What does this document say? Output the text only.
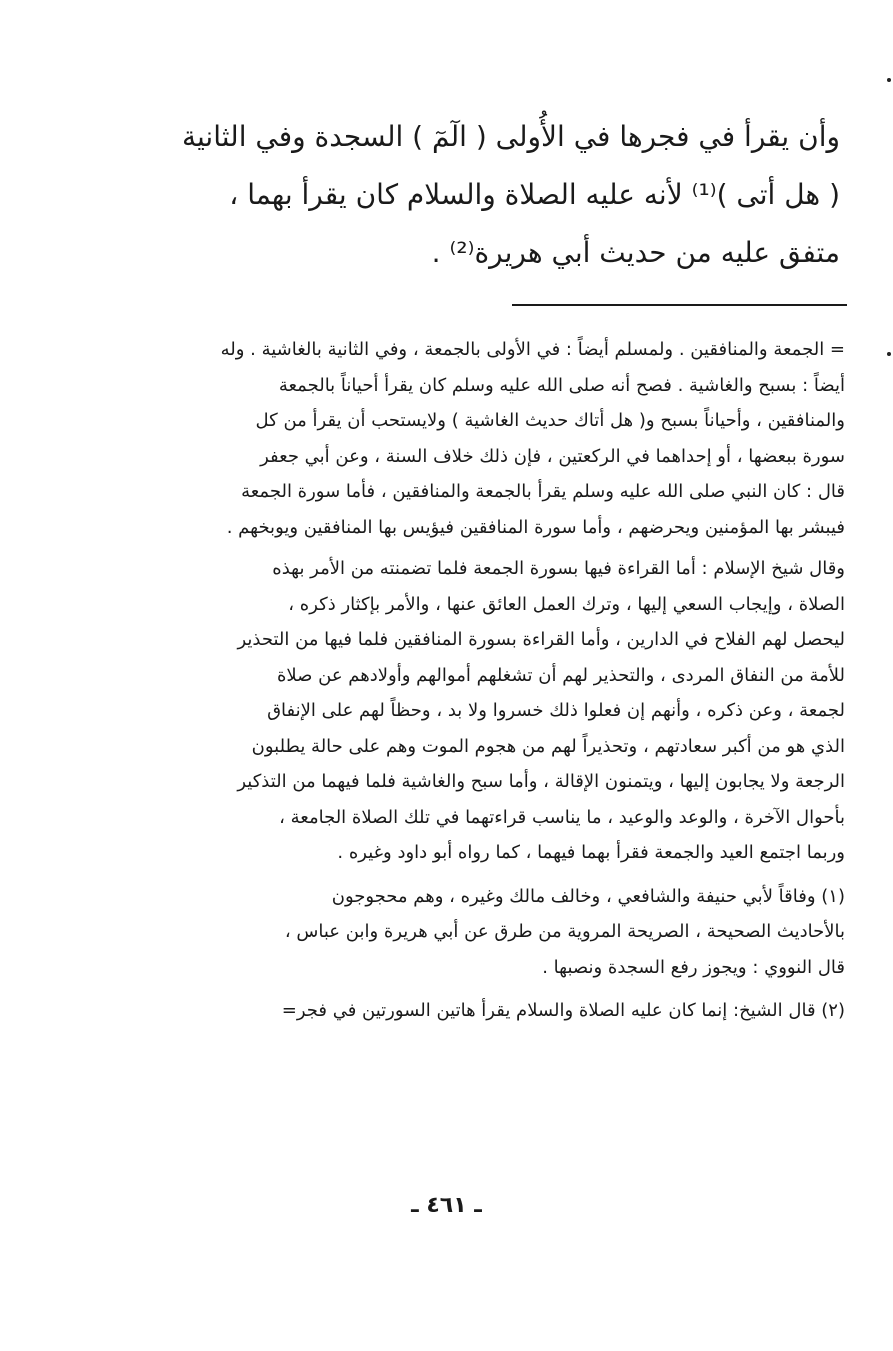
وأن يقرأ في فجرها في الأُولى ( الٓمٓ ) السجدة وفي الثانية
( هل أتى )⁽¹⁾ لأنه عليه الصلاة والسلام كان يقرأ بهما ،
متفق عليه من حديث أبي هريرة⁽²⁾ .
= الجمعة والمنافقين . ولمسلم أيضاً : في الأولى بالجمعة ، وفي الثانية بالغاشية . وله
أيضاً : بسبح والغاشية . فصح أنه صلى الله عليه وسلم كان يقرأ أحياناً بالجمعة
والمنافقين ، وأحياناً بسبح و( هل أتاك حديث الغاشية ) ولايستحب أن يقرأ من كل
سورة ببعضها ، أو إحداهما في الركعتين ، فإن ذلك خلاف السنة ، وعن أبي جعفر
قال : كان النبي صلى الله عليه وسلم يقرأ بالجمعة والمنافقين ، فأما سورة الجمعة
فيبشر بها المؤمنين ويحرضهم ، وأما سورة المنافقين فيؤيس بها المنافقين ويوبخهم .
وقال شيخ الإسلام : أما القراءة فيها بسورة الجمعة فلما تضمنته من الأمر بهذه
الصلاة ، وإيجاب السعي إليها ، وترك العمل العائق عنها ، والأمر بإكثار ذكره ،
ليحصل لهم الفلاح في الدارين ، وأما القراءة بسورة المنافقين فلما فيها من التحذير
للأمة من النفاق المردى ، والتحذير لهم أن تشغلهم أموالهم وأولادهم عن صلاة
لجمعة ، وعن ذكره ، وأنهم إن فعلوا ذلك خسروا ولا بد ، وحظاً لهم على الإنفاق
الذي هو من أكبر سعادتهم ، وتحذيراً لهم من هجوم الموت وهم على حالة يطلبون
الرجعة ولا يجابون إليها ، ويتمنون الإقالة ، وأما سبح والغاشية فلما فيهما من التذكير
بأحوال الآخرة ، والوعد والوعيد ، ما يناسب قراءتهما في تلك الصلاة الجامعة ،
وربما اجتمع العيد والجمعة فقرأ بهما فيهما ، كما رواه أبو داود وغيره .
(١) وفاقاً لأبي حنيفة والشافعي ، وخالف مالك وغيره ، وهم محجوجون
بالأحاديث الصحيحة ، الصريحة المروية من طرق عن أبي هريرة وابن عباس ،
قال النووي : ويجوز رفع السجدة ونصبها .
(٢) قال الشيخ: إنما كان عليه الصلاة والسلام يقرأ هاتين السورتين في فجر=
ـ ٤٦١ ـ
